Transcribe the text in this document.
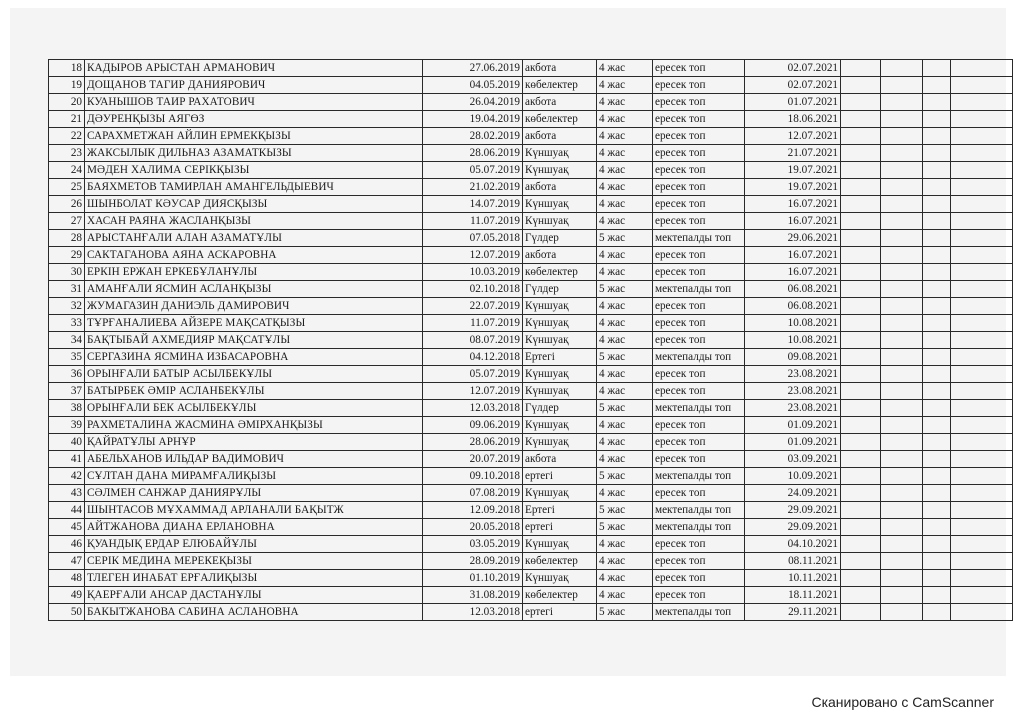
18	КАДЫРОВ АРЫСТАН АРМАНОВИЧ	27.06.2019	акбота	4 жас	ересек топ	02.07.2021				
19	ДОЩАНОВ ТАГИР ДАНИЯРОВИЧ	04.05.2019	көбелектер	4 жас	ересек топ	02.07.2021				
20	КУАНЫШОВ ТАИР РАХАТОВИЧ	26.04.2019	акбота	4 жас	ересек топ	01.07.2021				
21	ДӘУРЕНҚЫЗЫ АЯГӨЗ	19.04.2019	көбелектер	4 жас	ересек топ	18.06.2021				
22	САРАХМЕТЖАН АЙЛИН ЕРМЕКҚЫЗЫ	28.02.2019	акбота	4 жас	ересек топ	12.07.2021				
23	ЖАКСЫЛЫК ДИЛЬНАЗ АЗАМАТКЫЗЫ	28.06.2019	Күншуақ	4 жас	ересек топ	21.07.2021				
24	МӘДЕН ХАЛИМА СЕРІКҚЫЗЫ	05.07.2019	Күншуақ	4 жас	ересек топ	19.07.2021				
25	БАЯХМЕТОВ ТАМИРЛАН АМАНГЕЛЬДЫЕВИЧ	21.02.2019	акбота	4 жас	ересек топ	19.07.2021				
26	ШЫНБОЛАТ КӘУСАР ДИЯСҚЫЗЫ	14.07.2019	Күншуақ	4 жас	ересек топ	16.07.2021				
27	ХАСАН РАЯНА ЖАСЛАНҚЫЗЫ	11.07.2019	Күншуақ	4 жас	ересек топ	16.07.2021				
28	АРЫСТАНҒАЛИ АЛАН АЗАМАТҰЛЫ	07.05.2018	Гүлдер	5 жас	мектепалды топ	29.06.2021				
29	САКТАГАНОВА АЯНА АСКАРОВНА	12.07.2019	акбота	4 жас	ересек топ	16.07.2021				
30	ЕРКІН ЕРЖАН ЕРКЕБҰЛАНҰЛЫ	10.03.2019	көбелектер	4 жас	ересек топ	16.07.2021				
31	АМАНҒАЛИ ЯСМИН АСЛАНҚЫЗЫ	02.10.2018	Гүлдер	5 жас	мектепалды топ	06.08.2021				
32	ЖУМАГАЗИН ДАНИЭЛЬ ДАМИРОВИЧ	22.07.2019	Күншуақ	4 жас	ересек топ	06.08.2021				
33	ТҰРҒАНАЛИЕВА АЙЗЕРЕ МАҚСАТҚЫЗЫ	11.07.2019	Күншуақ	4 жас	ересек топ	10.08.2021				
34	БАҚТЫБАЙ АХМЕДИЯР МАҚСАТҰЛЫ	08.07.2019	Күншуақ	4 жас	ересек топ	10.08.2021				
35	СЕРГАЗИНА ЯСМИНА ИЗБАСАРОВНА	04.12.2018	Ертегі	5 жас	мектепалды топ	09.08.2021				
36	ОРЫНҒАЛИ БАТЫР АСЫЛБЕКҰЛЫ	05.07.2019	Күншуақ	4 жас	ересек топ	23.08.2021				
37	БАТЫРБЕК ӘМІР АСЛАНБЕКҰЛЫ	12.07.2019	Күншуақ	4 жас	ересек топ	23.08.2021				
38	ОРЫНҒАЛИ БЕК АСЫЛБЕКҰЛЫ	12.03.2018	Гүлдер	5 жас	мектепалды топ	23.08.2021				
39	РАХМЕТАЛИНА ЖАСМИНА ӘМІРХАНҚЫЗЫ	09.06.2019	Күншуақ	4 жас	ересек топ	01.09.2021				
40	ҚАЙРАТҰЛЫ АРНҰР	28.06.2019	Күншуақ	4 жас	ересек топ	01.09.2021				
41	АБЕЛЬХАНОВ ИЛЬДАР ВАДИМОВИЧ	20.07.2019	акбота	4 жас	ересек топ	03.09.2021				
42	СҰЛТАН ДАНА МИРАМҒАЛИҚЫЗЫ	09.10.2018	ертегі	5 жас	мектепалды топ	10.09.2021				
43	СӘЛМЕН САНЖАР ДАНИЯРҰЛЫ	07.08.2019	Күншуақ	4 жас	ересек топ	24.09.2021				
44	ШЫНТАСОВ МҰХАММАД АРЛАНАЛИ БАҚЫТЖ	12.09.2018	Ертегі	5 жас	мектепалды топ	29.09.2021				
45	АЙТЖАНОВА ДИАНА ЕРЛАНОВНА	20.05.2018	ертегі	5 жас	мектепалды топ	29.09.2021				
46	ҚУАНДЫҚ ЕРДАР ЕЛЮБАЙҰЛЫ	03.05.2019	Күншуақ	4 жас	ересек топ	04.10.2021				
47	СЕРІК МЕДИНА МЕРЕКЕҚЫЗЫ	28.09.2019	көбелектер	4 жас	ересек топ	08.11.2021				
48	ТЛЕГЕН ИНАБАТ ЕРҒАЛИҚЫЗЫ	01.10.2019	Күншуақ	4 жас	ересек топ	10.11.2021				
49	ҚАЕРҒАЛИ АНСАР ДАСТАНҰЛЫ	31.08.2019	көбелектер	4 жас	ересек топ	18.11.2021				
50	БАКЫТЖАНОВА САБИНА АСЛАНОВНА	12.03.2018	ертегі	5 жас	мектепалды топ	29.11.2021				
Сканировано с CamScanner
